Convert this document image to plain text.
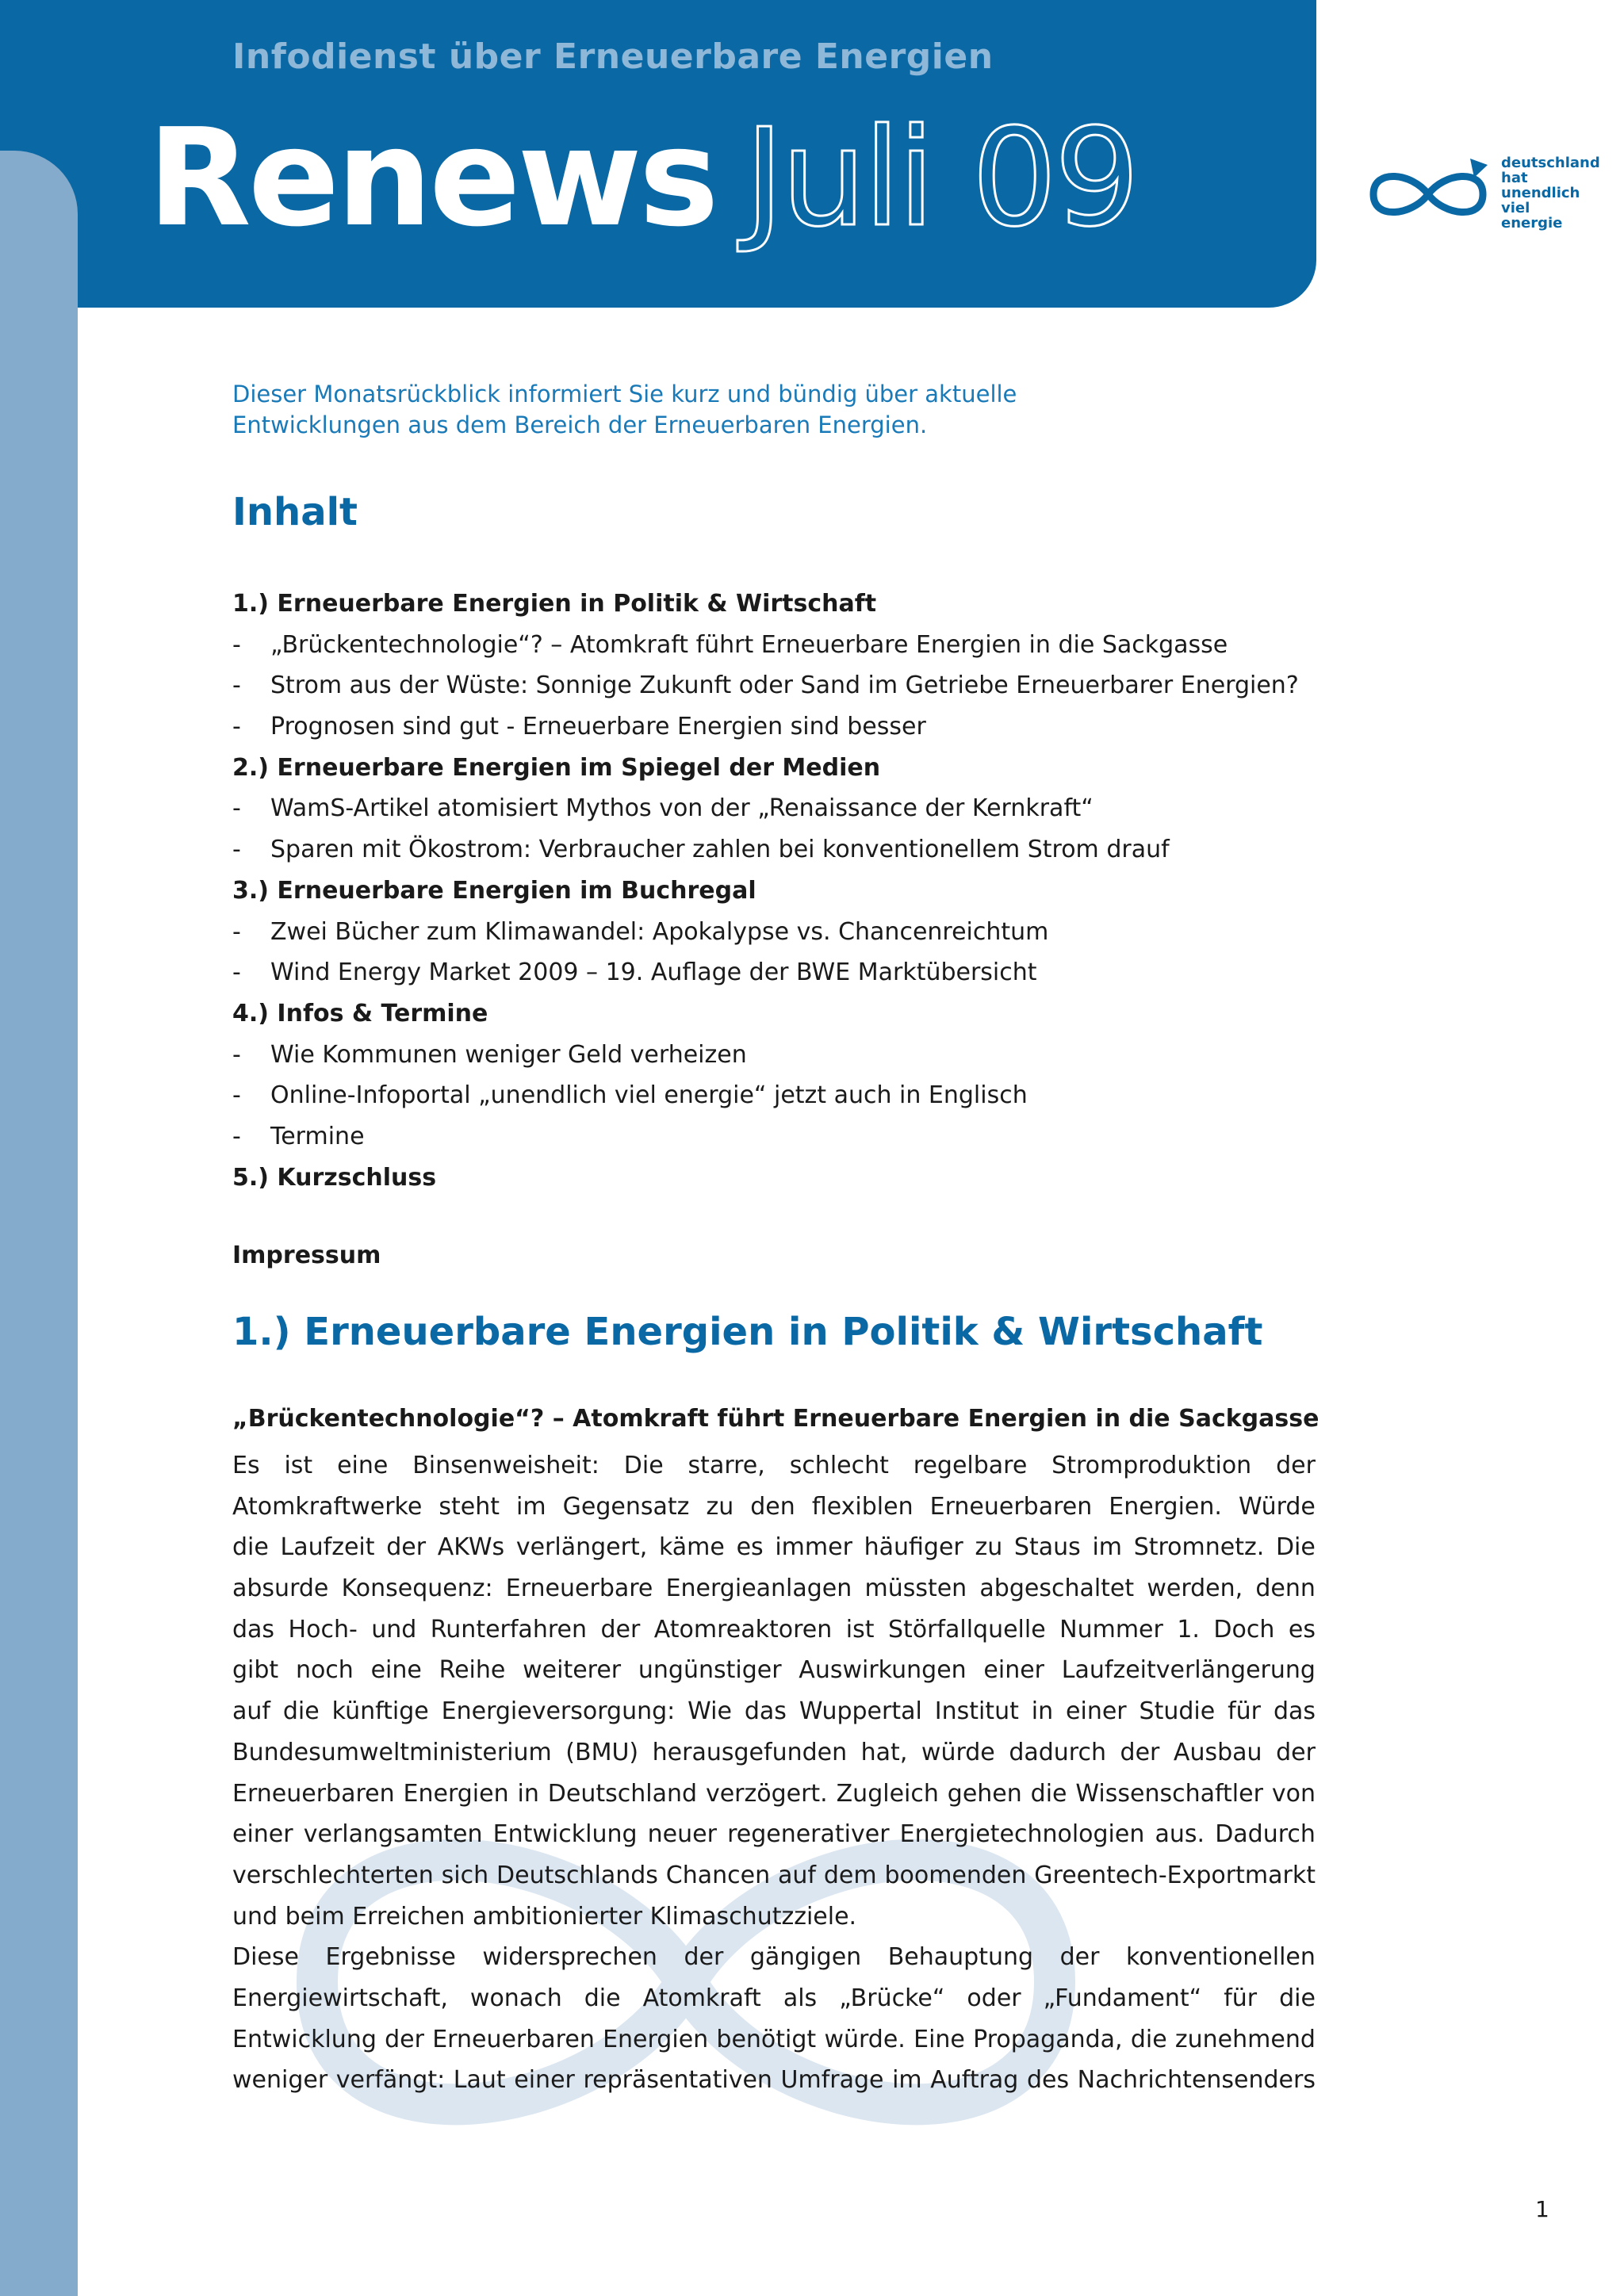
Infodienst über Erneuerbare Energien
Renews Juli 09	deutschland
hat
unendlich
viel
energie
Dieser Monatsrückblick informiert Sie kurz und bündig über aktuelle
Entwicklungen aus dem Bereich der Erneuerbaren Energien.
Inhalt
1.) Erneuerbare Energien in Politik & Wirtschaft
- „Brückentechnologie“? – Atomkraft führt Erneuerbare Energien in die Sackgasse
- Strom aus der Wüste: Sonnige Zukunft oder Sand im Getriebe Erneuerbarer Energien?
- Prognosen sind gut - Erneuerbare Energien sind besser
2.) Erneuerbare Energien im Spiegel der Medien
- WamS-Artikel atomisiert Mythos von der „Renaissance der Kernkraft“
- Sparen mit Ökostrom: Verbraucher zahlen bei konventionellem Strom drauf
3.) Erneuerbare Energien im Buchregal
- Zwei Bücher zum Klimawandel: Apokalypse vs. Chancenreichtum
- Wind Energy Market 2009 – 19. Auflage der BWE Marktübersicht
4.) Infos & Termine
- Wie Kommunen weniger Geld verheizen
- Online-Infoportal „unendlich viel energie“ jetzt auch in Englisch
- Termine
5.) Kurzschluss
Impressum
1.) Erneuerbare Energien in Politik & Wirtschaft
„Brückentechnologie“? – Atomkraft führt Erneuerbare Energien in die Sackgasse
Es ist eine Binsenweisheit: Die starre, schlecht regelbare Stromproduktion der
Atomkraftwerke steht im Gegensatz zu den flexiblen Erneuerbaren Energien. Würde
die Laufzeit der AKWs verlängert, käme es immer häufiger zu Staus im Stromnetz. Die
absurde Konsequenz: Erneuerbare Energieanlagen müssten abgeschaltet werden, denn
das Hoch- und Runterfahren der Atomreaktoren ist Störfallquelle Nummer 1. Doch es
gibt noch eine Reihe weiterer ungünstiger Auswirkungen einer Laufzeitverlängerung
auf die künftige Energieversorgung: Wie das Wuppertal Institut in einer Studie für das
Bundesumweltministerium (BMU) herausgefunden hat, würde dadurch der Ausbau der
Erneuerbaren Energien in Deutschland verzögert. Zugleich gehen die Wissenschaftler von
einer verlangsamten Entwicklung neuer regenerativer Energietechnologien aus. Dadurch
verschlechterten sich Deutschlands Chancen auf dem boomenden Greentech-Exportmarkt
und beim Erreichen ambitionierter Klimaschutzziele.
Diese Ergebnisse widersprechen der gängigen Behauptung der konventionellen
Energiewirtschaft, wonach die Atomkraft als „Brücke“ oder „Fundament“ für die
Entwicklung der Erneuerbaren Energien benötigt würde. Eine Propaganda, die zunehmend
weniger verfängt: Laut einer repräsentativen Umfrage im Auftrag des Nachrichtensenders
1
